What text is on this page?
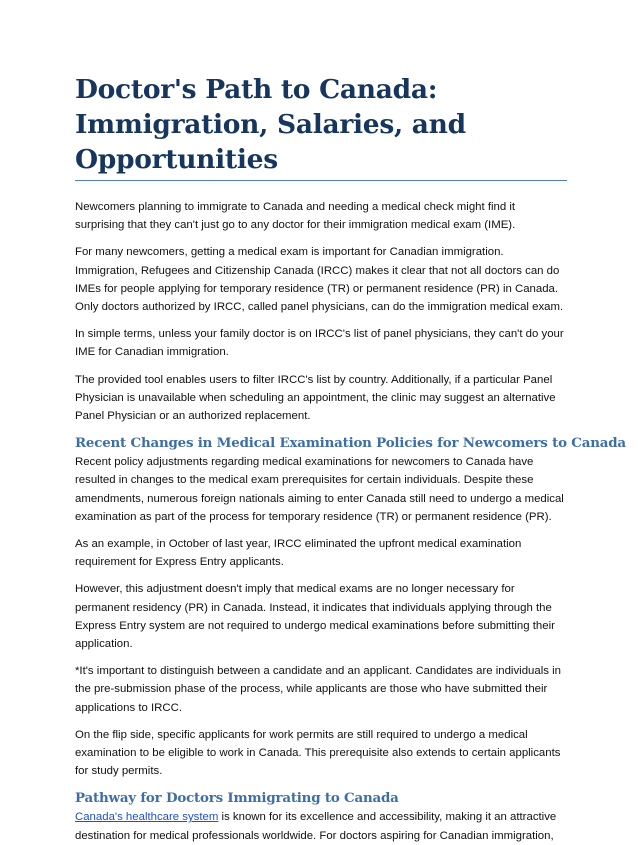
Doctor's Path to Canada: Immigration, Salaries, and Opportunities

Newcomers planning to immigrate to Canada and needing a medical check might find it surprising that they can't just go to any doctor for their immigration medical exam (IME).

For many newcomers, getting a medical exam is important for Canadian immigration. Immigration, Refugees and Citizenship Canada (IRCC) makes it clear that not all doctors can do IMEs for people applying for temporary residence (TR) or permanent residence (PR) in Canada. Only doctors authorized by IRCC, called panel physicians, can do the immigration medical exam.

In simple terms, unless your family doctor is on IRCC's list of panel physicians, they can't do your IME for Canadian immigration.

The provided tool enables users to filter IRCC's list by country. Additionally, if a particular Panel Physician is unavailable when scheduling an appointment, the clinic may suggest an alternative Panel Physician or an authorized replacement.

Recent Changes in Medical Examination Policies for Newcomers to Canada

Recent policy adjustments regarding medical examinations for newcomers to Canada have resulted in changes to the medical exam prerequisites for certain individuals. Despite these amendments, numerous foreign nationals aiming to enter Canada still need to undergo a medical examination as part of the process for temporary residence (TR) or permanent residence (PR).

As an example, in October of last year, IRCC eliminated the upfront medical examination requirement for Express Entry applicants.

However, this adjustment doesn't imply that medical exams are no longer necessary for permanent residency (PR) in Canada. Instead, it indicates that individuals applying through the Express Entry system are not required to undergo medical examinations before submitting their application.

*It's important to distinguish between a candidate and an applicant. Candidates are individuals in the pre-submission phase of the process, while applicants are those who have submitted their applications to IRCC.

On the flip side, specific applicants for work permits are still required to undergo a medical examination to be eligible to work in Canada. This prerequisite also extends to certain applicants for study permits.

Pathway for Doctors Immigrating to Canada

Canada's healthcare system is known for its excellence and accessibility, making it an attractive destination for medical professionals worldwide. For doctors aspiring for Canadian immigration,
